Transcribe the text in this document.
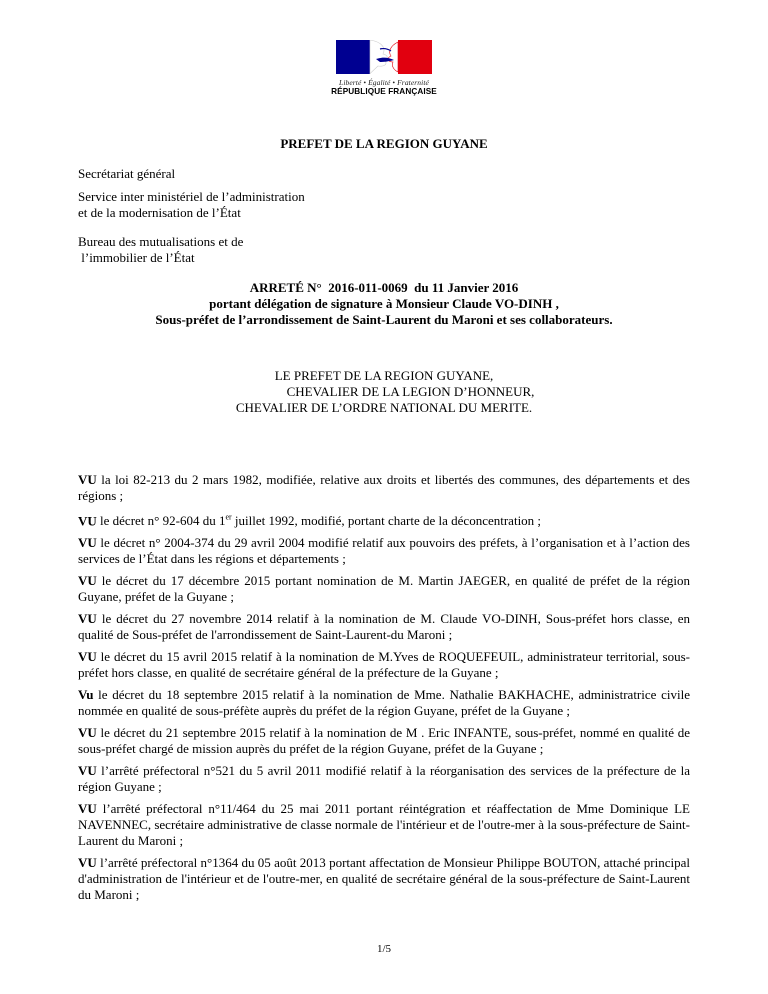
Liberté • Égalité • Fraternité
RÉPUBLIQUE FRANÇAISE
PREFET DE LA REGION GUYANE
Secrétariat général
Service inter ministériel de l’administration
et de la modernisation de l’État
Bureau des mutualisations et de
l’immobilier de l’État
ARRETÉ N°  2016-011-0069  du 11 Janvier 2016
portant délégation de signature à Monsieur Claude VO-DINH ,
Sous-préfet de l’arrondissement de Saint-Laurent du Maroni et ses collaborateurs.
LE PREFET DE LA REGION GUYANE,
CHEVALIER DE LA LEGION D’HONNEUR,
CHEVALIER DE L’ORDRE NATIONAL DU MERITE.

VU la loi 82-213 du 2 mars 1982, modifiée, relative aux droits et libertés des communes, des départements et des régions ;

VU le décret n° 92-604 du 1er juillet 1992, modifié, portant charte de la déconcentration ;

VU le décret n° 2004-374 du 29 avril 2004 modifié relatif aux pouvoirs des préfets, à l’organisation et à l’action des services de l’État dans les régions et départements ;

VU le décret du 17 décembre 2015 portant nomination de M. Martin JAEGER, en qualité de préfet de la région Guyane, préfet de la Guyane ;

VU le décret du 27 novembre 2014 relatif à la nomination de M. Claude VO-DINH, Sous-préfet hors classe, en qualité de Sous-préfet de l'arrondissement de Saint-Laurent-du Maroni ;

VU le décret du 15 avril 2015 relatif à la nomination de M.Yves de ROQUEFEUIL, administrateur territorial, sous-préfet hors classe, en qualité de secrétaire général de la préfecture de la Guyane ;

Vu le décret du 18 septembre 2015 relatif à la nomination de Mme. Nathalie BAKHACHE, administratrice civile nommée en qualité de sous-préfète auprès du préfet de la région Guyane, préfet de la Guyane ;

VU le décret du 21 septembre 2015 relatif à la nomination de M . Eric INFANTE, sous-préfet, nommé en qualité de sous-préfet chargé de mission auprès du préfet de la région Guyane, préfet de la Guyane ;

VU l’arrêté préfectoral n°521 du 5 avril 2011 modifié relatif à la réorganisation des services de la préfecture de la région Guyane ;

VU l’arrêté préfectoral n°11/464 du 25 mai 2011 portant réintégration et réaffectation de Mme Dominique LE NAVENNEC, secrétaire administrative de classe normale de l'intérieur et de l'outre-mer à la sous-préfecture de Saint-Laurent du Maroni ;

VU l’arrêté préfectoral n°1364 du 05 août 2013 portant affectation de Monsieur Philippe BOUTON, attaché principal d'administration de l'intérieur et de l'outre-mer, en qualité de secrétaire général de la sous-préfecture de Saint-Laurent du Maroni ;

1/5
